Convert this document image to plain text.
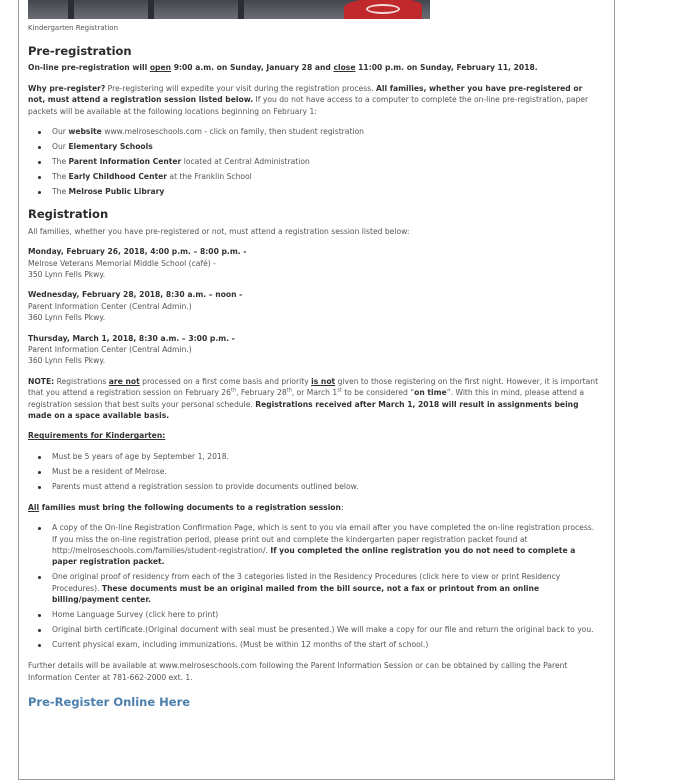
Kindergarten Registration
Pre-registration

On-line pre-registration will open 9:00 a.m. on Sunday, January 28 and close 11:00 p.m. on Sunday, February 11, 2018.

Why pre-register? Pre-registering will expedite your visit during the registration process. All families, whether you have pre-registered or not, must attend a registration session listed below. If you do not have access to a computer to complete the on-line pre-registration, paper packets will be available at the following locations beginning on February 1:

Our website www.melroseschools.com - click on family, then student registration
Our Elementary Schools
The Parent Information Center located at Central Administration
The Early Childhood Center at the Franklin School
The Melrose Public Library
Registration

All families, whether you have pre-registered or not, must attend a registration session listed below:

Monday, February 26, 2018, 4:00 p.m. – 8:00 p.m. -
Melrose Veterans Memorial Middle School (café) -
350 Lynn Fells Pkwy.
Wednesday, February 28, 2018, 8:30 a.m. – noon -
Parent Information Center (Central Admin.)
360 Lynn Fells Pkwy.
Thursday, March 1, 2018, 8:30 a.m. – 3:00 p.m. -
Parent Information Center (Central Admin.)
360 Lynn Fells Pkwy.

NOTE: Registrations are not processed on a first come basis and priority is not given to those registering on the first night. However, it is important that you attend a registration session on February 26th, February 28th, or March 1st to be considered “on time”. With this in mind, please attend a registration session that best suits your personal schedule. Registrations received after March 1, 2018 will result in assignments being made on a space available basis.

Requirements for Kindergarten:

Must be 5 years of age by September 1, 2018.
Must be a resident of Melrose.
Parents must attend a registration session to provide documents outlined below.

All families must bring the following documents to a registration session:

A copy of the On-line Registration Confirmation Page, which is sent to you via email after you have completed the on-line registration process. If you miss the on-line registration period, please print out and complete the kindergarten paper registration packet found at http://melroseschools.com/families/student-registration/. If you completed the online registration you do not need to complete a paper registration packet.
One original proof of residency from each of the 3 categories listed in the Residency Procedures (click here to view or print Residency Procedures). These documents must be an original mailed from the bill source, not a fax or printout from an online billing/payment center.
Home Language Survey (click here to print)
Original birth certificate.(Original document with seal must be presented.) We will make a copy for our file and return the original back to you.
Current physical exam, including immunizations. (Must be within 12 months of the start of school.)

Further details will be available at www.melroseschools.com following the Parent Information Session or can be obtained by calling the Parent Information Center at 781-662-2000 ext. 1.

Pre-Register Online Here
